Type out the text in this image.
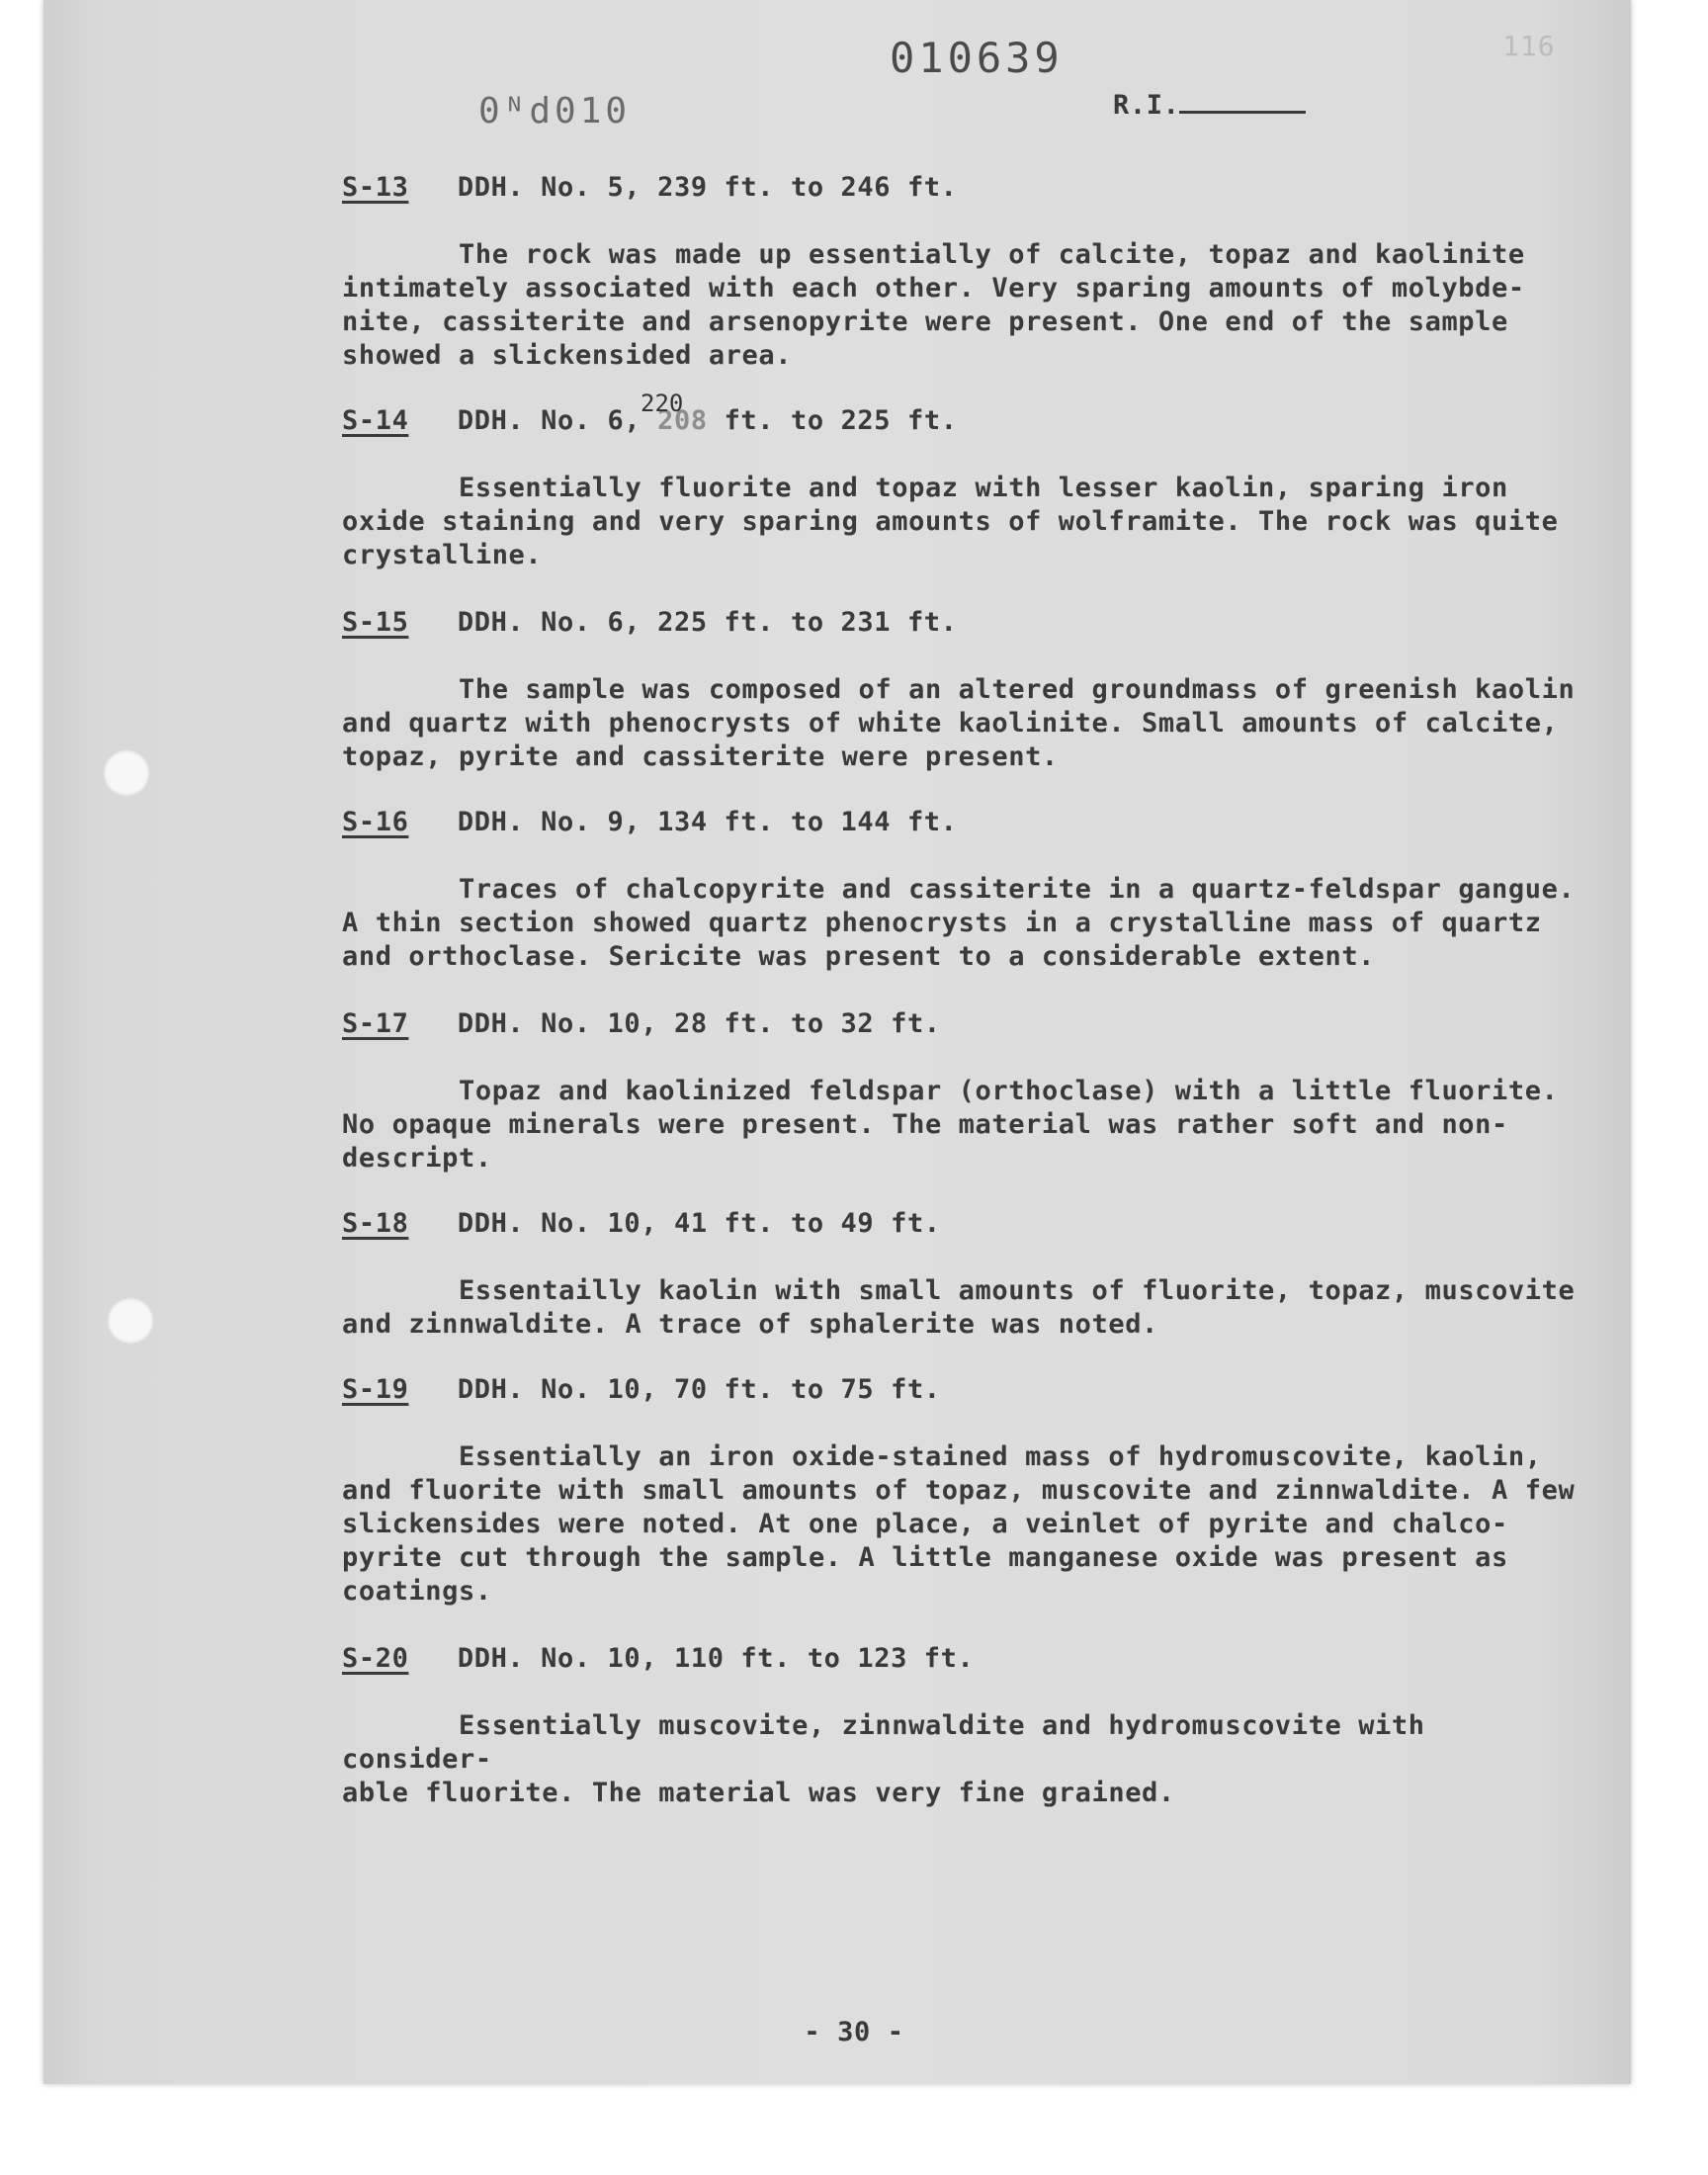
010639
0ᴺd010
116
R.I.
S-13 DDH. No. 5, 239 ft. to 246 ft.
The rock was made up essentially of calcite, topaz and kaolinite
intimately associated with each other. Very sparing amounts of molybde-
nite, cassiterite and arsenopyrite were present. One end of the sample
showed a slickensided area.
S-14 DDH. No. 6, 208 ft. to 225 ft.
Essentially fluorite and topaz with lesser kaolin, sparing iron
oxide staining and very sparing amounts of wolframite. The rock was quite
crystalline.
220
S-15 DDH. No. 6, 225 ft. to 231 ft.
The sample was composed of an altered groundmass of greenish kaolin
and quartz with phenocrysts of white kaolinite. Small amounts of calcite,
topaz, pyrite and cassiterite were present.
S-16 DDH. No. 9, 134 ft. to 144 ft.
Traces of chalcopyrite and cassiterite in a quartz-feldspar gangue.
A thin section showed quartz phenocrysts in a crystalline mass of quartz
and orthoclase. Sericite was present to a considerable extent.
S-17 DDH. No. 10, 28 ft. to 32 ft.
Topaz and kaolinized feldspar (orthoclase) with a little fluorite.
No opaque minerals were present. The material was rather soft and non-
descript.
S-18 DDH. No. 10, 41 ft. to 49 ft.
Essentailly kaolin with small amounts of fluorite, topaz, muscovite
and zinnwaldite. A trace of sphalerite was noted.
S-19 DDH. No. 10, 70 ft. to 75 ft.
Essentially an iron oxide-stained mass of hydromuscovite, kaolin,
and fluorite with small amounts of topaz, muscovite and zinnwaldite. A few
slickensides were noted. At one place, a veinlet of pyrite and chalco-
pyrite cut through the sample. A little manganese oxide was present as
coatings.
S-20 DDH. No. 10, 110 ft. to 123 ft.
Essentially muscovite, zinnwaldite and hydromuscovite with consider-
able fluorite. The material was very fine grained.
- 30 -
